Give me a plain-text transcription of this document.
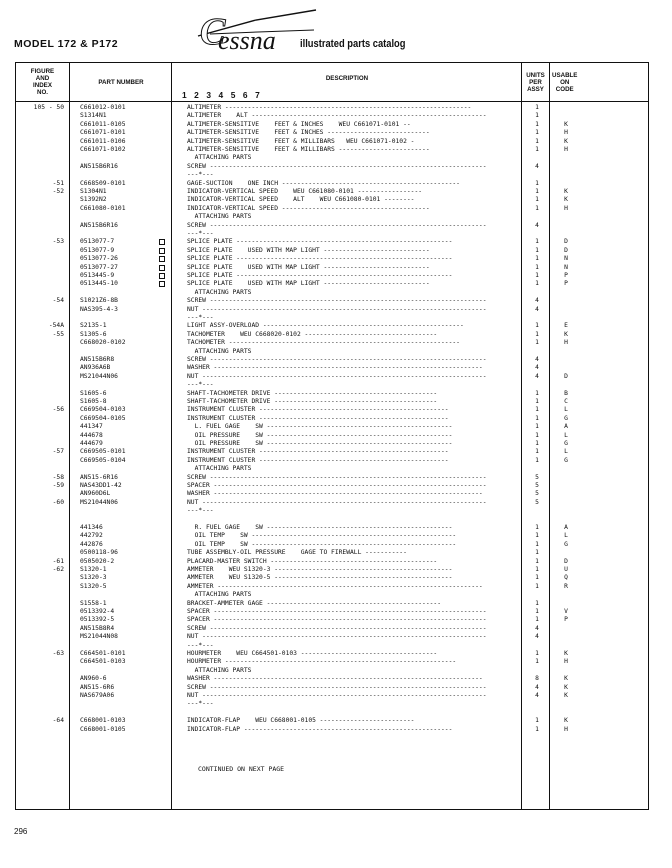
MODEL 172 & P172 C
essna illustrated parts catalog
FIGURE
AND
INDEX
NO.
PART NUMBER
DESCRIPTION
1 2 3 4 5 6 7
UNITS
PER
ASSY
USABLE
ON
CODE
105 - 50	C661012-0101	ALTIMETER -----------------------------------------------------------------	1
S1314N1	ALTIMETER    ALT --------------------------------------------------------------	1
C661011-0105	ALTIMETER-SENSITIVE    FEET & INCHES    WEU C661071-0101 --	1	K
C661071-0101	ALTIMETER-SENSITIVE    FEET & INCHES ---------------------------	1	H
C661011-0106	ALTIMETER-SENSITIVE    FEET & MILLIBARS   WEU C661071-0102 -	1	K
C661071-0102	ALTIMETER-SENSITIVE    FEET & MILLIBARS ------------------------	1	H
ATTACHING PARTS
AN515B6R16	SCREW -------------------------------------------------------------------------	4
---*---
-51	C668509-0101	GAGE-SUCTION    ONE INCH -----------------------------------------------	1
-52	S1304N1	INDICATOR-VERTICAL SPEED    WEU C661080-0101 -----------------	1	K
S1392N2	INDICATOR-VERTICAL SPEED    ALT    WEU C661080-0101 --------	1	K
C661080-0101	INDICATOR-VERTICAL SPEED ---------------------------------------	1	H
ATTACHING PARTS
AN515B6R16	SCREW -------------------------------------------------------------------------	4
---*---
-53	0513077-7	SPLICE PLATE ---------------------------------------------------------	1	D
0513077-9	SPLICE PLATE    USED WITH MAP LIGHT ----------------------------	1	D
0513077-26	SPLICE PLATE ---------------------------------------------------------	1	N
0513077-27	SPLICE PLATE    USED WITH MAP LIGHT ----------------------------	1	N
0513445-9	SPLICE PLATE ---------------------------------------------------------	1	P
0513445-10	SPLICE PLATE    USED WITH MAP LIGHT ----------------------------	1	P
ATTACHING PARTS
-54	S1021Z6-8B	SCREW -------------------------------------------------------------------------	4
NAS395-4-3	NUT ---------------------------------------------------------------------------	4
---*---
-54A	S2135-1	LIGHT ASSY-OVERLOAD -----------------------------------------------------	1	E
-55	S1305-6	TACHOMETER    WEU C668020-0102 -----------------------------------	1	K
C668020-0102	TACHOMETER -------------------------------------------------------------	1	H
ATTACHING PARTS
AN515B6R8	SCREW -------------------------------------------------------------------------	4
AN936A6B	WASHER -----------------------------------------------------------------------	4
MS21044N06	NUT ---------------------------------------------------------------------------	4	D
---*---
S1605-6	SHAFT-TACHOMETER DRIVE -------------------------------------------	1	B
S1605-8	SHAFT-TACHOMETER DRIVE -------------------------------------------	1	C
-56	C669504-0103	INSTRUMENT CLUSTER --------------------------------------------------	1	L
C669504-0105	INSTRUMENT CLUSTER --------------------------------------------------	1	G
441347	L. FUEL GAGE    SW -------------------------------------------------	1	A
444678	OIL PRESSURE    SW -------------------------------------------------	1	L
444679	OIL PRESSURE    SW -------------------------------------------------	1	G
-57	C669505-0101	INSTRUMENT CLUSTER --------------------------------------------------	1	L
C669505-0104	INSTRUMENT CLUSTER --------------------------------------------------	1	G
ATTACHING PARTS
-58	AN515-6R16	SCREW -------------------------------------------------------------------------	5
-59	NAS43DD1-42	SPACER ------------------------------------------------------------------------	5
AN960D6L	WASHER -----------------------------------------------------------------------	5
-60	MS21044N06	NUT ---------------------------------------------------------------------------	5
---*---
441346	R. FUEL GAGE    SW -------------------------------------------------	1	A
442792	OIL TEMP    SW ------------------------------------------------------	1	L
442876	OIL TEMP    SW ------------------------------------------------------	1	G
0500118-96	TUBE ASSEMBLY-OIL PRESSURE    GAGE TO FIREWALL -----------	1
-61	0505020-2	PLACARD-MASTER SWITCH --------------------------------------------	1	D
-62	S1320-1	AMMETER    WEU S1320-3 -----------------------------------------------	1	U
S1320-3	AMMETER    WEU S1320-5 -----------------------------------------------	1	Q
S1320-5	AMMETER ----------------------------------------------------------------------	1	R
ATTACHING PARTS
S1558-1	BRACKET-AMMETER GAGE ----------------------------------------------	1
0513392-4	SPACER ------------------------------------------------------------------------	1	V
0513392-5	SPACER ------------------------------------------------------------------------	1	P
AN515B8R4	SCREW -------------------------------------------------------------------------	4
MS21044N08	NUT ---------------------------------------------------------------------------	4
---*---
-63	C664501-0101	HOURMETER    WEU C664501-0103 ------------------------------------	1	K
C664501-0103	HOURMETER -------------------------------------------------------------	1	H
ATTACHING PARTS
AN960-6	WASHER -----------------------------------------------------------------------	8	K
AN515-6R6	SCREW -------------------------------------------------------------------------	4	K
NAS679A06	NUT ---------------------------------------------------------------------------	4	K
---*---
-64	C668001-0103	INDICATOR-FLAP    WEU C668001-0105 -------------------------	1	K
C668001-0105	INDICATOR-FLAP -------------------------------------------------------	1	H
CONTINUED ON NEXT PAGE
296
